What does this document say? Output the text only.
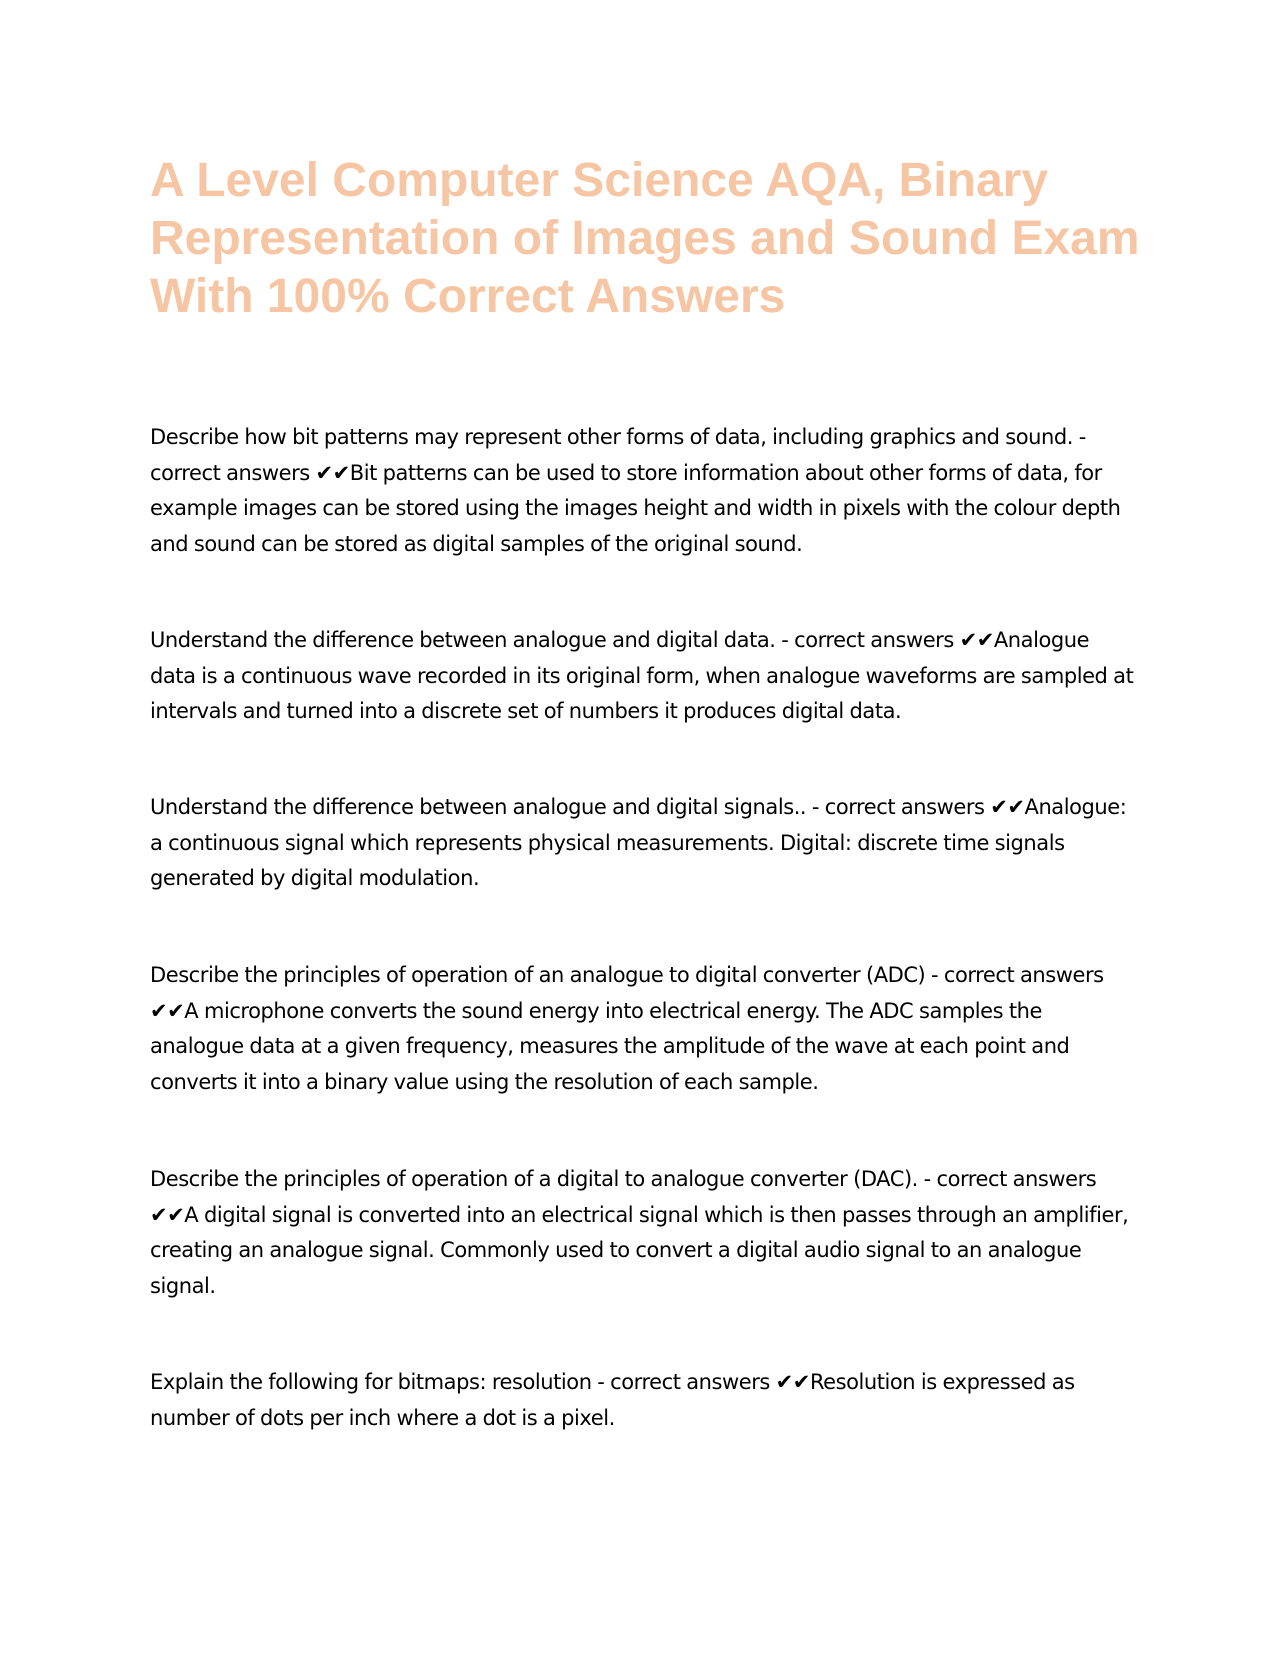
A Level Computer Science AQA, Binary Representation of Images and Sound Exam With 100% Correct Answers

Describe how bit patterns may represent other forms of data, including graphics and sound. - correct answers ✔✔Bit patterns can be used to store information about other forms of data, for example images can be stored using the images height and width in pixels with the colour depth and sound can be stored as digital samples of the original sound.

Understand the difference between analogue and digital data. - correct answers ✔✔Analogue data is a continuous wave recorded in its original form, when analogue waveforms are sampled at intervals and turned into a discrete set of numbers it produces digital data.

Understand the difference between analogue and digital signals.. - correct answers ✔✔Analogue: a continuous signal which represents physical measurements. Digital: discrete time signals generated by digital modulation.

Describe the principles of operation of an analogue to digital converter (ADC) - correct answers ✔✔A microphone converts the sound energy into electrical energy. The ADC samples the analogue data at a given frequency, measures the amplitude of the wave at each point and converts it into a binary value using the resolution of each sample.

Describe the principles of operation of a digital to analogue converter (DAC). - correct answers ✔✔A digital signal is converted into an electrical signal which is then passes through an amplifier, creating an analogue signal. Commonly used to convert a digital audio signal to an analogue signal.

Explain the following for bitmaps: resolution - correct answers ✔✔Resolution is expressed as number of dots per inch where a dot is a pixel.
